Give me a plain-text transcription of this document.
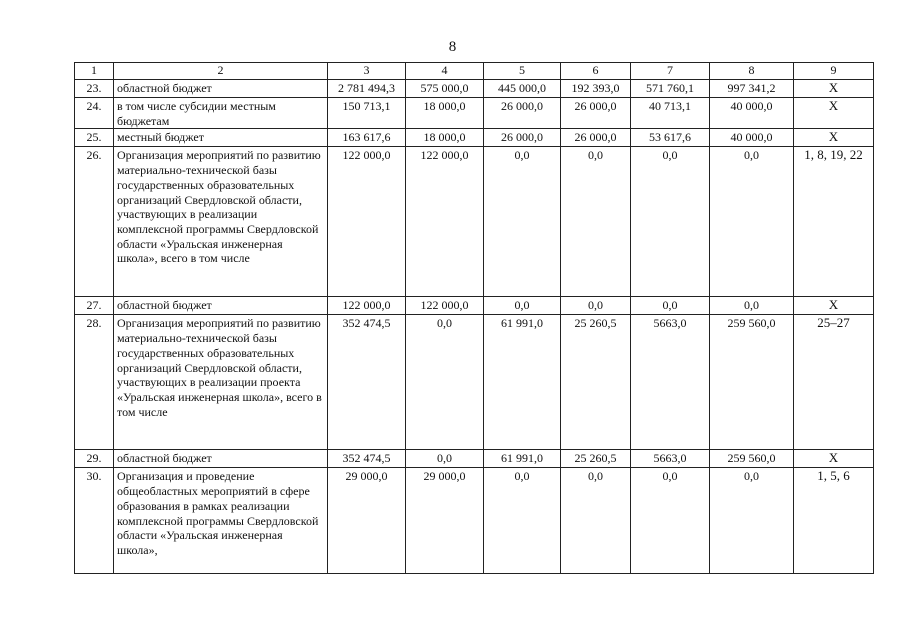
8
1	2	3	4	5	6	7	8	9
23.	областной бюджет	2 781 494,3	575 000,0	445 000,0	192 393,0	571 760,1	997 341,2	Х
24.	в том числе субсидии местным бюджетам	150 713,1	18 000,0	26 000,0	26 000,0	40 713,1	40 000,0	Х
25.	местный бюджет	163 617,6	18 000,0	26 000,0	26 000,0	53 617,6	40 000,0	Х
26.	Организация мероприятий по развитию материально-технической базы государственных образовательных организаций Свердловской области, участвующих в реализации комплексной программы Свердловской области «Уральская инженерная школа», всего в том числе	122 000,0	122 000,0	0,0	0,0	0,0	0,0	1, 8, 19, 22
27.	областной бюджет	122 000,0	122 000,0	0,0	0,0	0,0	0,0	Х
28.	Организация мероприятий по развитию материально-технической базы государственных образовательных организаций Свердловской области, участвующих в реализации проекта «Уральская инженерная школа», всего в том числе	352 474,5	0,0	61 991,0	25 260,5	5663,0	259 560,0	25–27
29.	областной бюджет	352 474,5	0,0	61 991,0	25 260,5	5663,0	259 560,0	Х
30.	Организация и проведение общеобластных мероприятий в сфере образования в рамках реализации комплексной программы Свердловской области «Уральская инженерная школа»,	29 000,0	29 000,0	0,0	0,0	0,0	0,0	1, 5, 6
